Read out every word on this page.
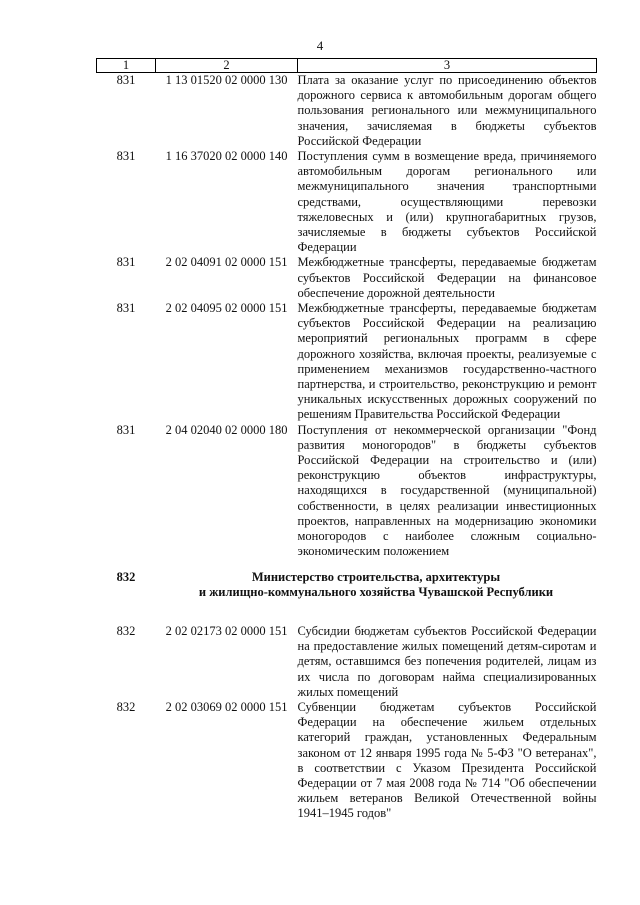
4
1	2	3
831	1 13 01520 02 0000 130	Плата за оказание услуг по присоединению объектов дорожного сервиса к автомобильным дорогам общего пользования регионального или межмуниципального значения, зачисляемая в бюджеты субъектов Российской Федерации
831	1 16 37020 02 0000 140	Поступления сумм в возмещение вреда, причиняемого автомобильным дорогам регионального или межмуниципального значения транспортными средствами, осуществляющими перевозки тяжеловесных и (или) крупногабаритных грузов, зачисляемые в бюджеты субъектов Российской Федерации
831	2 02 04091 02 0000 151	Межбюджетные трансферты, передаваемые бюджетам субъектов Российской Федерации на финансовое обеспечение дорожной деятельности
831	2 02 04095 02 0000 151	Межбюджетные трансферты, передаваемые бюджетам субъектов Российской Федерации на реализацию мероприятий региональных программ в сфере дорожного хозяйства, включая проекты, реализуемые с применением механизмов государственно-частного партнерства, и строительство, реконструкцию и ремонт уникальных искусственных дорожных сооружений по решениям Правительства Российской Федерации
831	2 04 02040 02 0000 180	Поступления от некоммерческой организации "Фонд развития моногородов" в бюджеты субъектов Российской Федерации на строительство и (или) реконструкцию объектов инфраструктуры, находящихся в государственной (муниципальной) собственности, в целях реализации инвестиционных проектов, направленных на модернизацию экономики моногородов с наиболее сложным социально-экономическим положением
832	Министерство строительства, архитектуры
и жилищно-коммунального хозяйства Чувашской Республики	

832	2 02 02173 02 0000 151	Субсидии бюджетам субъектов Российской Федерации на предоставление жилых помещений детям-сиротам и детям, оставшимся без попечения родителей, лицам из их числа по договорам найма специализированных жилых помещений
832	2 02 03069 02 0000 151	Субвенции бюджетам субъектов Российской Федерации на обеспечение жильем отдельных категорий граждан, установленных Федеральным законом от 12 января 1995 года № 5-ФЗ "О ветеранах", в соответствии с Указом Президента Российской Федерации от 7 мая 2008 года № 714 "Об обеспечении жильем ветеранов Великой Отечественной войны 1941–1945 годов"
